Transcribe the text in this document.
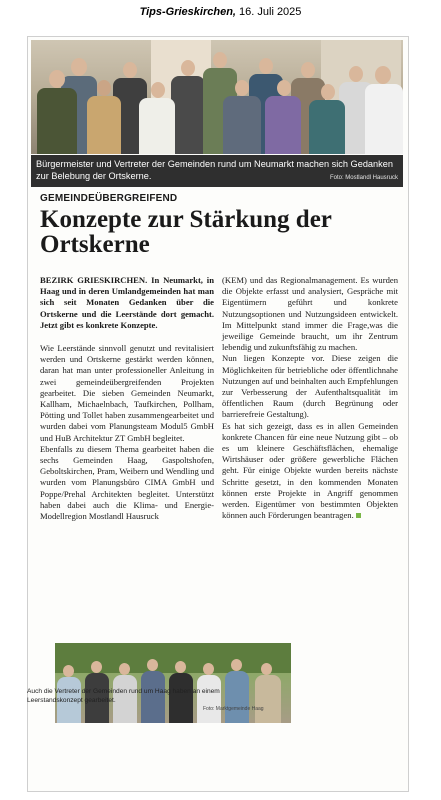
Tips-Grieskirchen, 16. Juli 2025
Bürgermeister und Vertreter der Gemeinden rund um Neumarkt machen sich Gedanken zur Belebung der Ortskerne.	Foto: Mostlandl Hausruck
GEMEINDEÜBERGREIFEND
Konzepte zur Stärkung der Ortskerne

BEZIRK GRIESKIRCHEN. In Neumarkt, in Haag und in deren Umlandgemeinden hat man sich seit Monaten Gedanken über die Ortskerne und die Leerstände dort gemacht. Jetzt gibt es konkrete Konzepte.

Wie Leerstände sinnvoll genutzt und revitalisiert werden und Ortskerne gestärkt werden können, daran hat man unter professioneller Anleitung in zwei gemeindeübergreifenden Projekten gearbeitet. Die sieben Gemeinden Neumarkt, Kallham, Michaelnbach, Taufkirchen, Pollham, Pötting und Tollet haben zusammengearbeitet und wurden dabei vom Planungsteam Modul5 GmbH und HuB Architektur ZT GmbH begleitet.

Ebenfalls zu diesem Thema gearbeitet haben die sechs Gemeinden Haag, Gaspoltshofen, Geboltskirchen, Pram, Weibern und Wendling und wurden vom Planungsbüro CIMA GmbH und Poppe/Prehal Architekten begleitet. Unterstützt haben dabei auch die Klima- und Energie-Modellregion Mostlandl Hausruck

(KEM) und das Regionalmanagement. Es wurden die Objekte erfasst und analysiert, Gespräche mit Eigentümern geführt und konkrete Nutzungsoptionen und Nutzungsideen entwickelt. Im Mittelpunkt stand immer die Frage,was die jeweilige Gemeinde braucht, um ihr Zentrum lebendig und zukunftsfähig zu machen.

Nun liegen Konzepte vor. Diese zeigen die Möglichkeiten für betriebliche oder öffentlichnahe Nutzungen auf und beinhalten auch Empfehlungen zur Verbesserung der Aufenthaltsqualität im öffentlichen Raum (durch Begrünung oder barrierefreie Gestaltung).

Es hat sich gezeigt, dass es in allen Gemeinden konkrete Chancen für eine neue Nutzung gibt – ob es um kleinere Geschäftsflächen, ehemalige Wirtshäuser oder größere gewerbliche Flächen geht. Für einige Objekte wurden bereits nächste Schritte gesetzt, in den kommenden Monaten können erste Projekte in Angriff genommen werden. Eigentümer von bestimmten Objekten können auch Förderungen beantragen.

Auch die Vertreter der Gemeinden rund um Haag haben an einem Leerstandskonzept gearbeitet.
Foto: Marktgemeinde Haag
